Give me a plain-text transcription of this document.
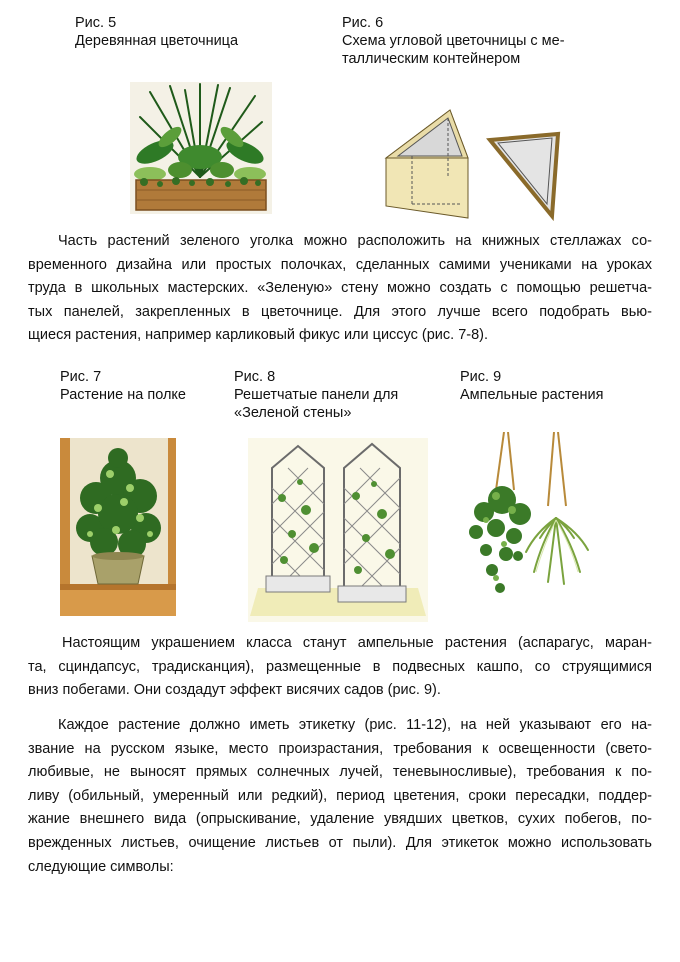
Рис. 5
Деревянная цветочница
Рис. 6
Схема угловой цветочницы с ме-
таллическим контейнером
Часть растений зеленого уголка можно расположить на книжных стеллажах со-
временного дизайна или простых полочках, сделанных самими учениками на уроках
труда в школьных мастерских. «Зеленую» стену можно создать с помощью решетча-
тых панелей, закрепленных в цветочнице. Для этого лучше всего подобрать вью-
щиеся растения, например карликовый фикус или циссус (рис. 7-8).
Рис. 7
Растение на полке
Рис. 8
Решетчатые панели для
«Зеленой стены»
Рис. 9
Ампельные растения
Настоящим украшением класса станут ампельные растения (аспарагус, маран-
та, сциндапсус, традисканция), размещенные в подвесных кашпо, со струящимися
вниз побегами. Они создадут эффект висячих садов (рис. 9).
Каждое растение должно иметь этикетку (рис. 11-12), на ней указывают его на-
звание на русском языке, место произрастания, требования к освещенности (свето-
любивые, не выносят прямых солнечных лучей, теневыносливые), требования к по-
ливу (обильный, умеренный или редкий), период цветения, сроки пересадки, поддер-
жание внешнего вида (опрыскивание, удаление увядших цветков, сухих побегов, по-
врежденных листьев, очищение листьев от пыли). Для этикеток можно использовать
следующие символы:
